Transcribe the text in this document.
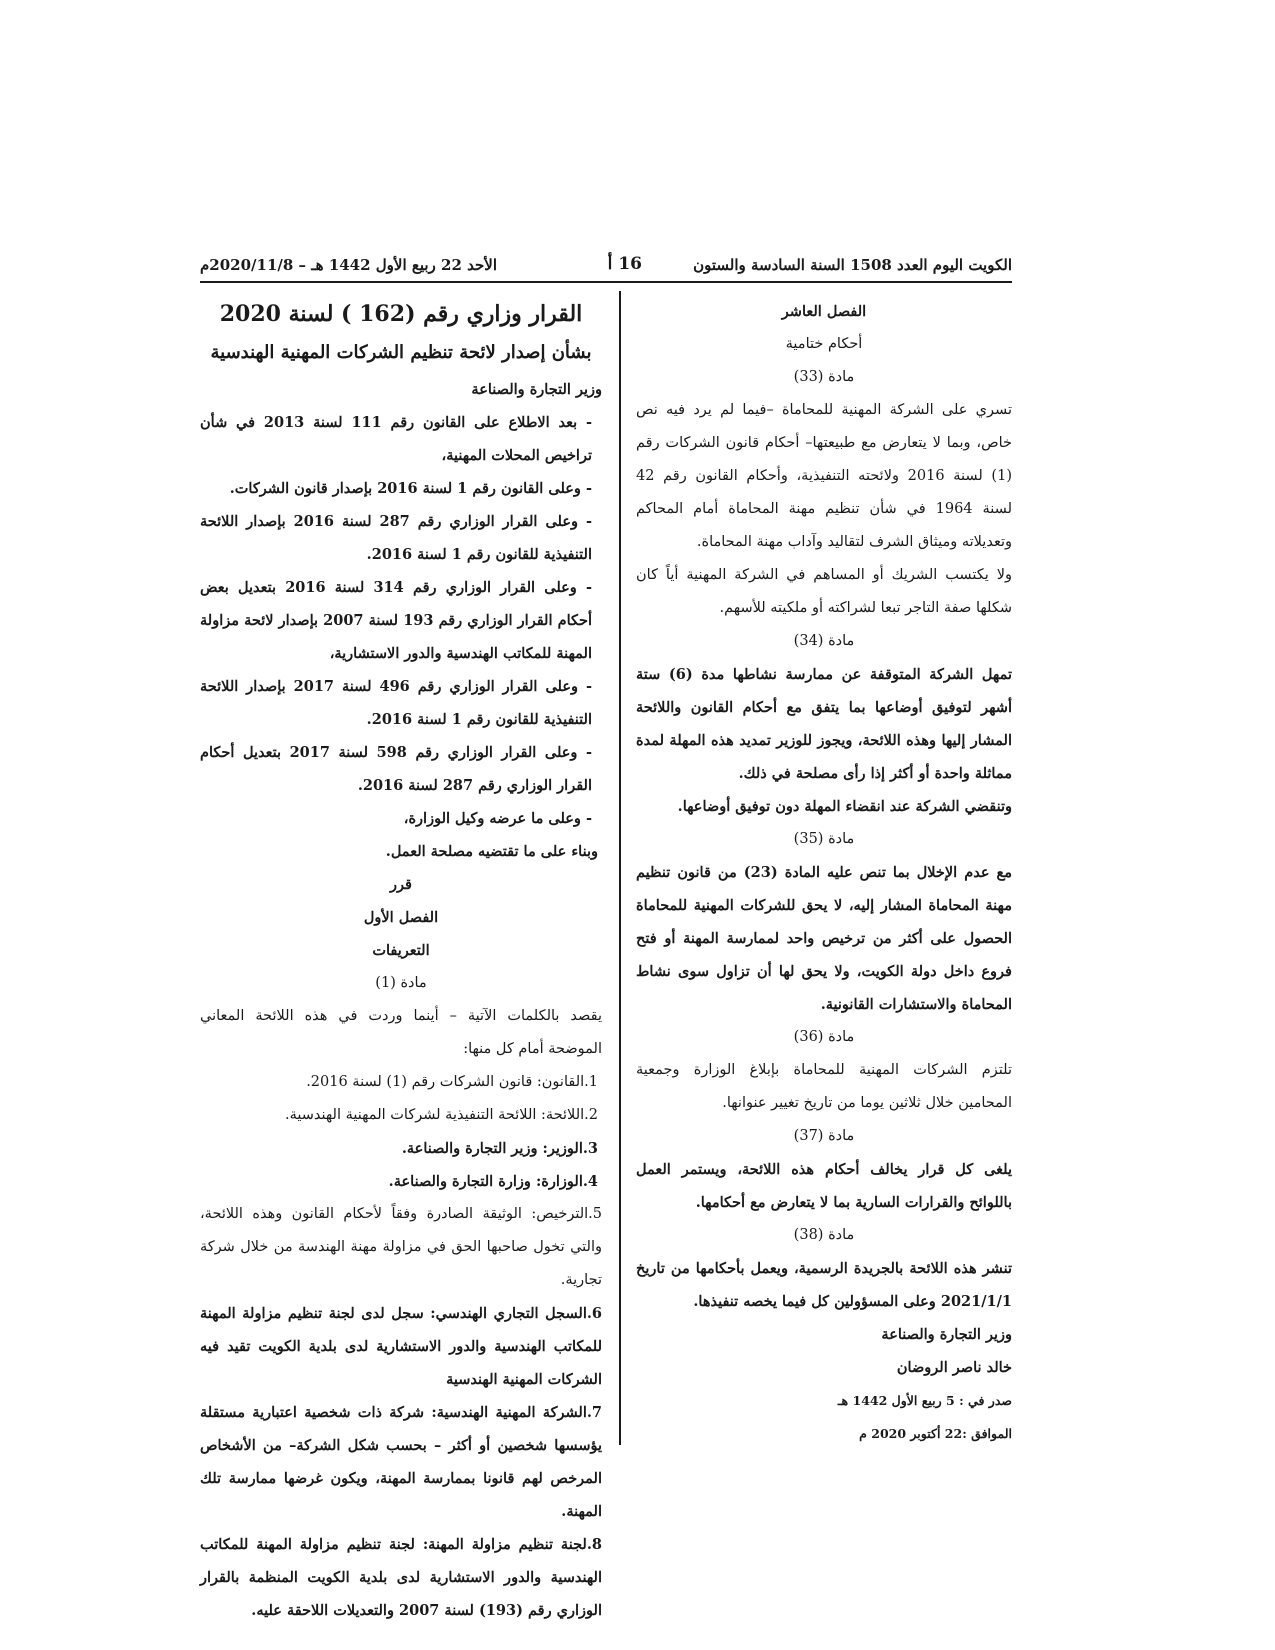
الكويت اليوم العدد 1508 السنة السادسة والستون
16 أ
الأحد 22 ربيع الأول 1442 هـ – 2020/11/8م

الفصل العاشر

أحكام ختامية

مادة (33)

تسري على الشركة المهنية للمحاماة –فيما لم يرد فيه نص خاص، وبما لا يتعارض مع طبيعتها– أحكام قانون الشركات رقم (1) لسنة 2016 ولائحته التنفيذية، وأحكام القانون رقم 42 لسنة 1964 في شأن تنظيم مهنة المحاماة أمام المحاكم وتعديلاته وميثاق الشرف لتقاليد وآداب مهنة المحاماة.

ولا يكتسب الشريك أو المساهم في الشركة المهنية أياً كان شكلها صفة التاجر تبعا لشراكته أو ملكيته للأسهم.

مادة (34)

تمهل الشركة المتوقفة عن ممارسة نشاطها مدة (6) ستة أشهر لتوفيق أوضاعها بما يتفق مع أحكام القانون واللائحة المشار إليها وهذه اللائحة، ويجوز للوزير تمديد هذه المهلة لمدة مماثلة واحدة أو أكثر إذا رأى مصلحة في ذلك.

وتنقضي الشركة عند انقضاء المهلة دون توفيق أوضاعها.

مادة (35)

مع عدم الإخلال بما تنص عليه المادة (23) من قانون تنظيم مهنة المحاماة المشار إليه، لا يحق للشركات المهنية للمحاماة الحصول على أكثر من ترخيص واحد لممارسة المهنة أو فتح فروع داخل دولة الكويت، ولا يحق لها أن تزاول سوى نشاط المحاماة والاستشارات القانونية.

مادة (36)

تلتزم الشركات المهنية للمحاماة بإبلاغ الوزارة وجمعية المحامين خلال ثلاثين يوما من تاريخ تغيير عنوانها.

مادة (37)

يلغى كل قرار يخالف أحكام هذه اللائحة، ويستمر العمل باللوائح والقرارات السارية بما لا يتعارض مع أحكامها.

مادة (38)

تنشر هذه اللائحة بالجريدة الرسمية، ويعمل بأحكامها من تاريخ 2021/1/1 وعلى المسؤولين كل فيما يخصه تنفيذها.

وزير التجارة والصناعة

خالد ناصر الروضان

صدر في : 5 ربيع الأول 1442 هـ

الموافق :22 أكتوبر 2020 م

القرار وزاري رقم (162 ) لسنة 2020

بشأن إصدار لائحة تنظيم الشركات المهنية الهندسية

وزير التجارة والصناعة

- بعد الاطلاع على القانون رقم 111 لسنة 2013 في شأن تراخيص المحلات المهنية،

- وعلى القانون رقم 1 لسنة 2016 بإصدار قانون الشركات.

- وعلى القرار الوزاري رقم 287 لسنة 2016 بإصدار اللائحة التنفيذية للقانون رقم 1 لسنة 2016.

- وعلى القرار الوزاري رقم 314 لسنة 2016 بتعديل بعض أحكام القرار الوزاري رقم 193 لسنة 2007 بإصدار لائحة مزاولة المهنة للمكاتب الهندسية والدور الاستشارية،

- وعلى القرار الوزاري رقم 496 لسنة 2017 بإصدار اللائحة التنفيذية للقانون رقم 1 لسنة 2016.

- وعلى القرار الوزاري رقم 598 لسنة 2017 بتعديل أحكام القرار الوزاري رقم 287 لسنة 2016.

- وعلى ما عرضه وكيل الوزارة،

وبناء على ما تقتضيه مصلحة العمل.

قرر

الفصل الأول

التعريفات

مادة (1)

يقصد بالكلمات الآتية – أينما وردت في هذه اللائحة المعاني الموضحة أمام كل منها:

1.القانون: قانون الشركات رقم (1) لسنة 2016.

2.اللائحة: اللائحة التنفيذية لشركات المهنية الهندسية.

3.الوزير: وزير التجارة والصناعة.

4.الوزارة: وزارة التجارة والصناعة.

5.الترخيص: الوثيقة الصادرة وفقاً لأحكام القانون وهذه اللائحة، والتي تخول صاحبها الحق في مزاولة مهنة الهندسة من خلال شركة تجارية.

6.السجل التجاري الهندسي: سجل لدى لجنة تنظيم مزاولة المهنة للمكاتب الهندسية والدور الاستشارية لدى بلدية الكويت تقيد فيه الشركات المهنية الهندسية

7.الشركة المهنية الهندسية: شركة ذات شخصية اعتبارية مستقلة يؤسسها شخصين أو أكثر – بحسب شكل الشركة– من الأشخاص المرخص لهم قانونا بممارسة المهنة، ويكون غرضها ممارسة تلك المهنة.

8.لجنة تنظيم مزاولة المهنة: لجنة تنظيم مزاولة المهنة للمكاتب الهندسية والدور الاستشارية لدى بلدية الكويت المنظمة بالقرار الوزاري رقم (193) لسنة 2007 والتعديلات اللاحقة عليه.
